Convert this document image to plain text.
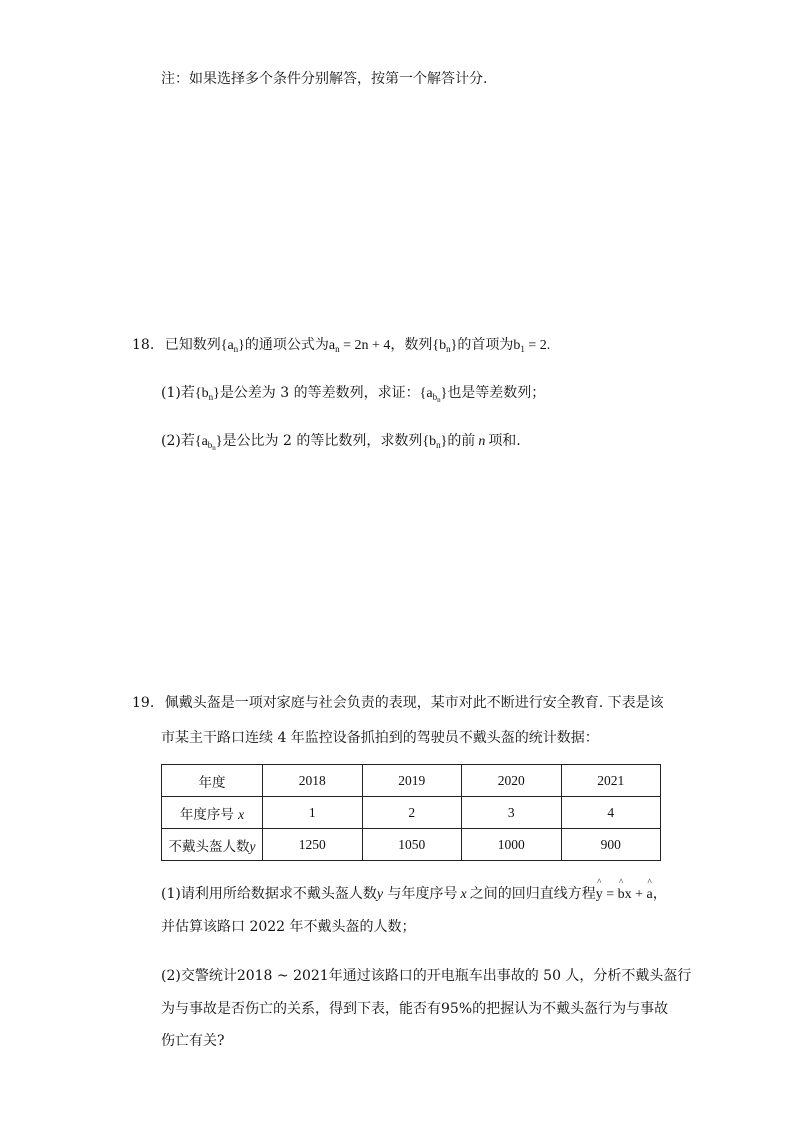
注：如果选择多个条件分别解答，按第一个解答计分.
18. 已知数列$\{a_n\}$的通项公式为$a_n = 2n + 4$，数列$\{b_n\}$的首项为$b_1 = 2$.
(1)若$\{b_n\}$是公差为 3 的等差数列，求证：$\{a_{b_n}\}$也是等差数列；
(2)若$\{a_{b_n}\}$是公比为 2 的等比数列，求数列$\{b_n\}$的前 n 项和.
19. 佩戴头盔是一项对家庭与社会负责的表现，某市对此不断进行安全教育. 下表是该
市某主干路口连续 4 年监控设备抓拍到的驾驶员不戴头盔的统计数据：
年度	2018	2019	2020	2021
年度序号 x	1	2	3	4
不戴头盔人数y	1250	1050	1000	900
(1)请利用所给数据求不戴头盔人数y 与年度序号 x 之间的回归直线方程^ y = ^ bx + ^ a，
并估算该路口 2022 年不戴头盔的人数；
(2)交警统计2018 ~ 2021年通过该路口的开电瓶车出事故的 50 人，分析不戴头盔行
为与事故是否伤亡的关系，得到下表，能否有95%的把握认为不戴头盔行为与事故
伤亡有关?
